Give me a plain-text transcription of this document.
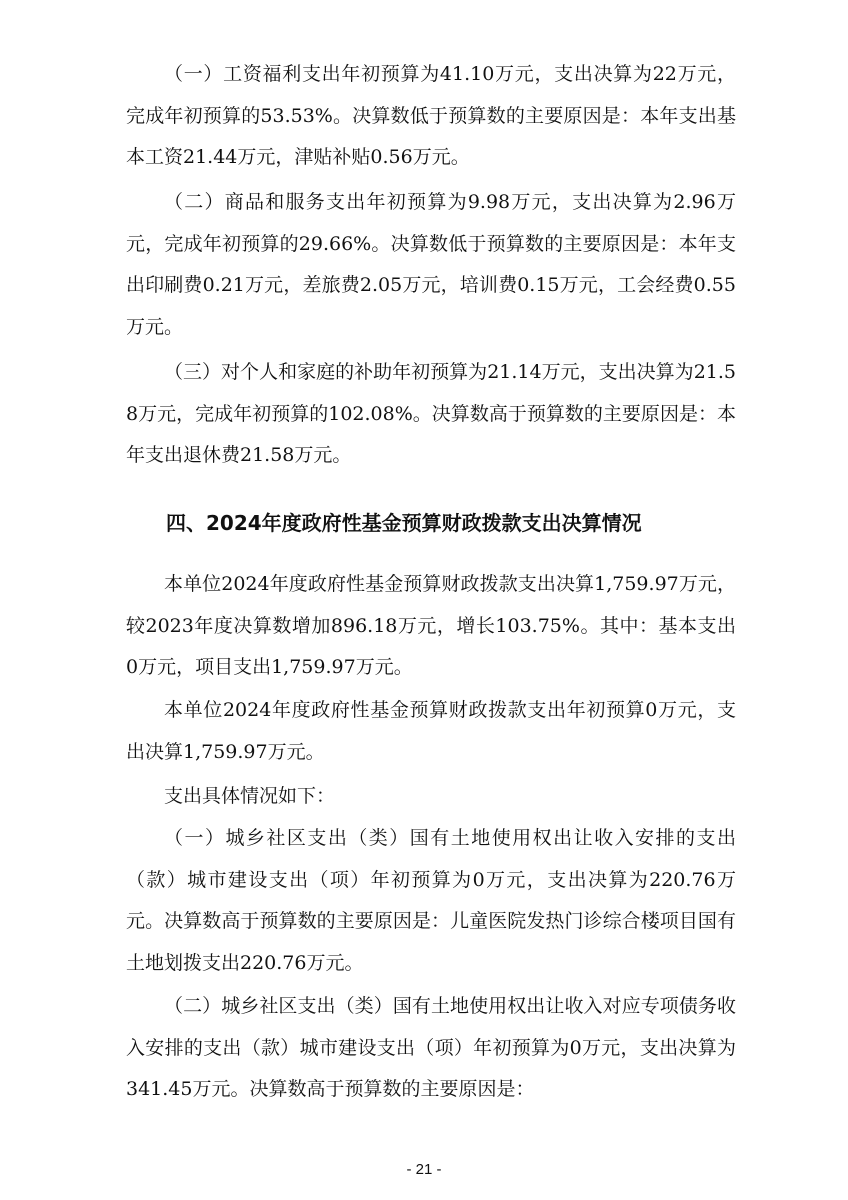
（一）工资福利支出年初预算为41.10万元，支出决算为22万元，完成年初预算的53.53%。决算数低于预算数的主要原因是：本年支出基本工资21.44万元，津贴补贴0.56万元。

（二）商品和服务支出年初预算为9.98万元，支出决算为2.96万元，完成年初预算的29.66%。决算数低于预算数的主要原因是：本年支出印刷费0.21万元，差旅费2.05万元，培训费0.15万元，工会经费0.55万元。

（三）对个人和家庭的补助年初预算为21.14万元，支出决算为21.58万元，完成年初预算的102.08%。决算数高于预算数的主要原因是：本年支出退休费21.58万元。

四、2024年度政府性基金预算财政拨款支出决算情况

本单位2024年度政府性基金预算财政拨款支出决算1,759.97万元，较2023年度决算数增加896.18万元，增长103.75%。其中：基本支出0万元，项目支出1,759.97万元。

本单位2024年度政府性基金预算财政拨款支出年初预算0万元，支出决算1,759.97万元。

支出具体情况如下：

（一）城乡社区支出（类）国有土地使用权出让收入安排的支出（款）城市建设支出（项）年初预算为0万元，支出决算为220.76万元。决算数高于预算数的主要原因是：儿童医院发热门诊综合楼项目国有土地划拨支出220.76万元。

（二）城乡社区支出（类）国有土地使用权出让收入对应专项债务收入安排的支出（款）城市建设支出（项）年初预算为0万元，支出决算为341.45万元。决算数高于预算数的主要原因是：

- 21 -
